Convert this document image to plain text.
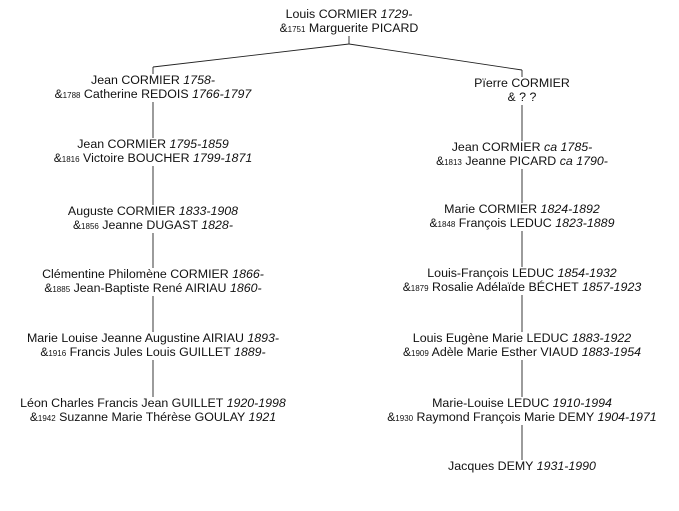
Louis CORMIER 1729-
&1751 Marguerite PICARD
Jean CORMIER 1758-
&1788 Catherine REDOIS 1766-1797
Jean CORMIER 1795-1859
&1816 Victoire BOUCHER 1799-1871
Auguste CORMIER 1833-1908
&1856 Jeanne DUGAST 1828-
Clémentine Philomène CORMIER 1866-
&1885 Jean-Baptiste René AIRIAU 1860-
Marie Louise Jeanne Augustine AIRIAU 1893-
&1916 Francis Jules Louis GUILLET 1889-
Léon Charles Francis Jean GUILLET 1920-1998
&1942 Suzanne Marie Thérèse GOULAY 1921
Pïerre CORMIER
& ? ?
Jean CORMIER ca 1785-
&1813 Jeanne PICARD ca 1790-
Marie CORMIER 1824-1892
&1848 François LEDUC 1823-1889
Louis-François LEDUC 1854-1932
&1879 Rosalie Adélaïde BÉCHET 1857-1923
Louis Eugène Marie LEDUC 1883-1922
&1909 Adèle Marie Esther VIAUD 1883-1954
Marie-Louise LEDUC 1910-1994
&1930 Raymond François Marie DEMY 1904-1971
Jacques DEMY 1931-1990
